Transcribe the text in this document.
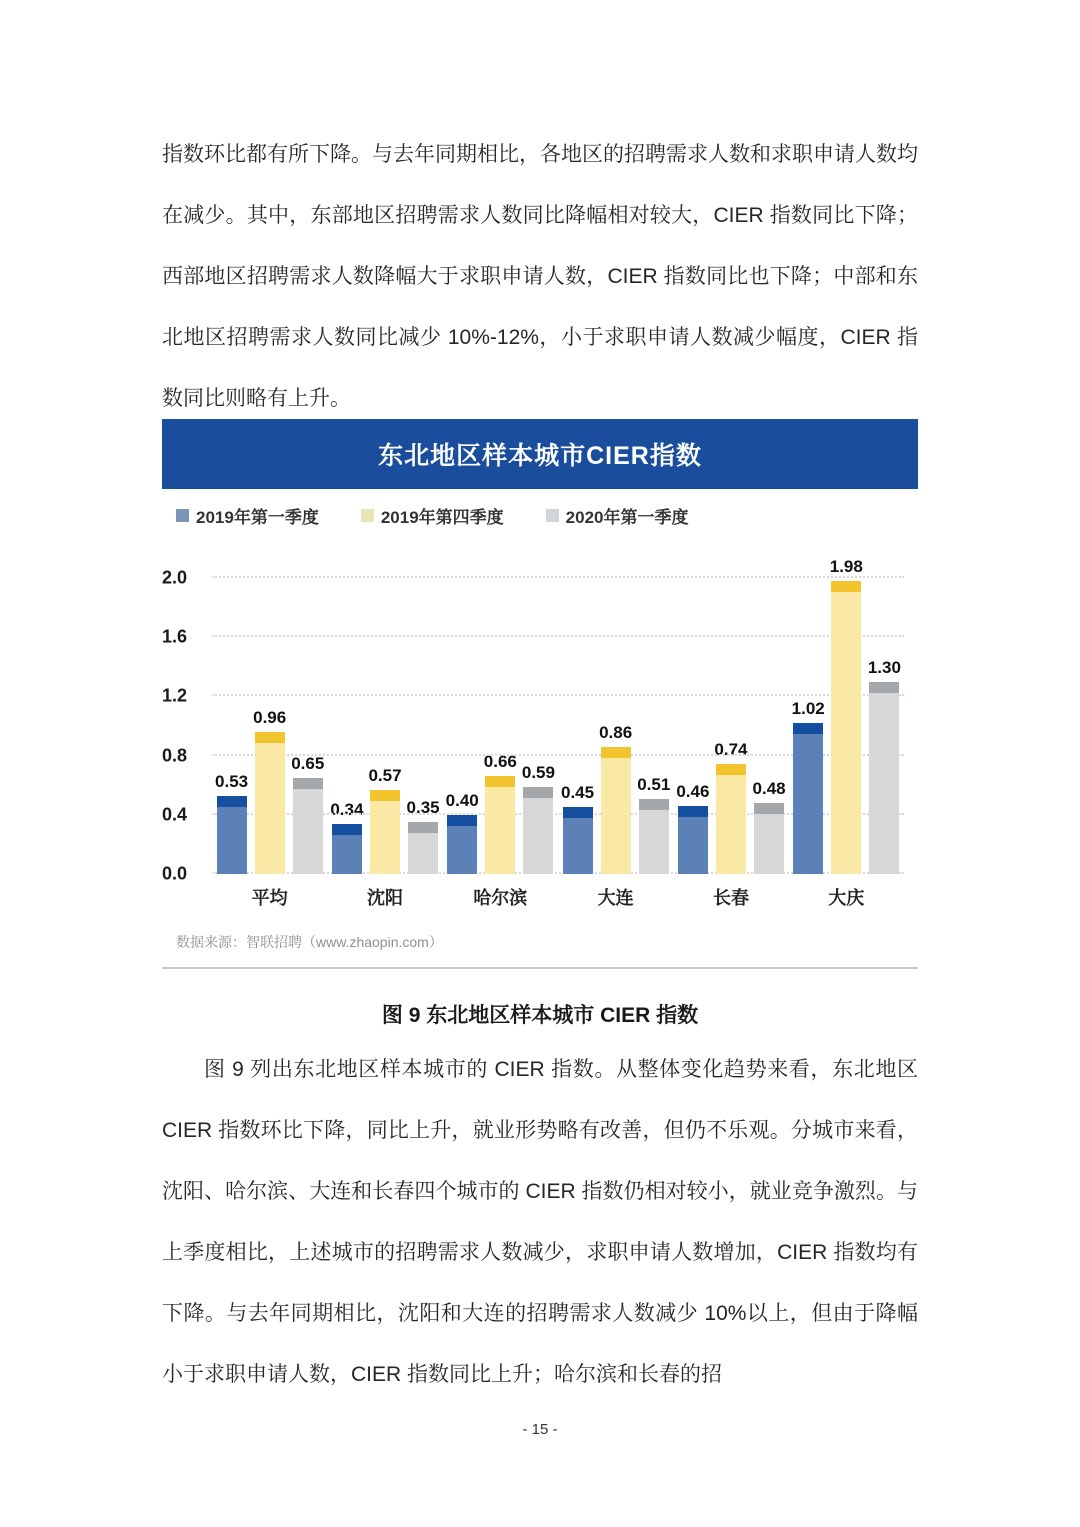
指数环比都有所下降。与去年同期相比，各地区的招聘需求人数和求职申请人数均在减少。其中，东部地区招聘需求人数同比降幅相对较大，CIER 指数同比下降；西部地区招聘需求人数降幅大于求职申请人数，CIER 指数同比也下降；中部和东北地区招聘需求人数同比减少 10%-12%，小于求职申请人数减少幅度，CIER 指数同比则略有上升。

东北地区样本城市CIER指数
2019年第一季度	2019年第四季度	2020年第一季度
0.0
0.4
0.8
1.2
1.6
2.0
0.53
0.96
0.65
0.34
0.57
0.35 0.40
0.66
0.59
0.45
0.86
0.51 0.46
0.74
0.48
1.02
1.98
1.30
平均	沈阳	哈尔滨	大连	长春	大庆
数据来源：智联招聘（www.zhaopin.com）
图 9 东北地区样本城市 CIER 指数

图 9 列出东北地区样本城市的 CIER 指数。从整体变化趋势来看，东北地区 CIER 指数环比下降，同比上升，就业形势略有改善，但仍不乐观。分城市来看，沈阳、哈尔滨、大连和长春四个城市的 CIER 指数仍相对较小，就业竞争激烈。与上季度相比，上述城市的招聘需求人数减少，求职申请人数增加，CIER 指数均有下降。与去年同期相比，沈阳和大连的招聘需求人数减少 10%以上，但由于降幅小于求职申请人数，CIER 指数同比上升；哈尔滨和长春的招

- 15 -
